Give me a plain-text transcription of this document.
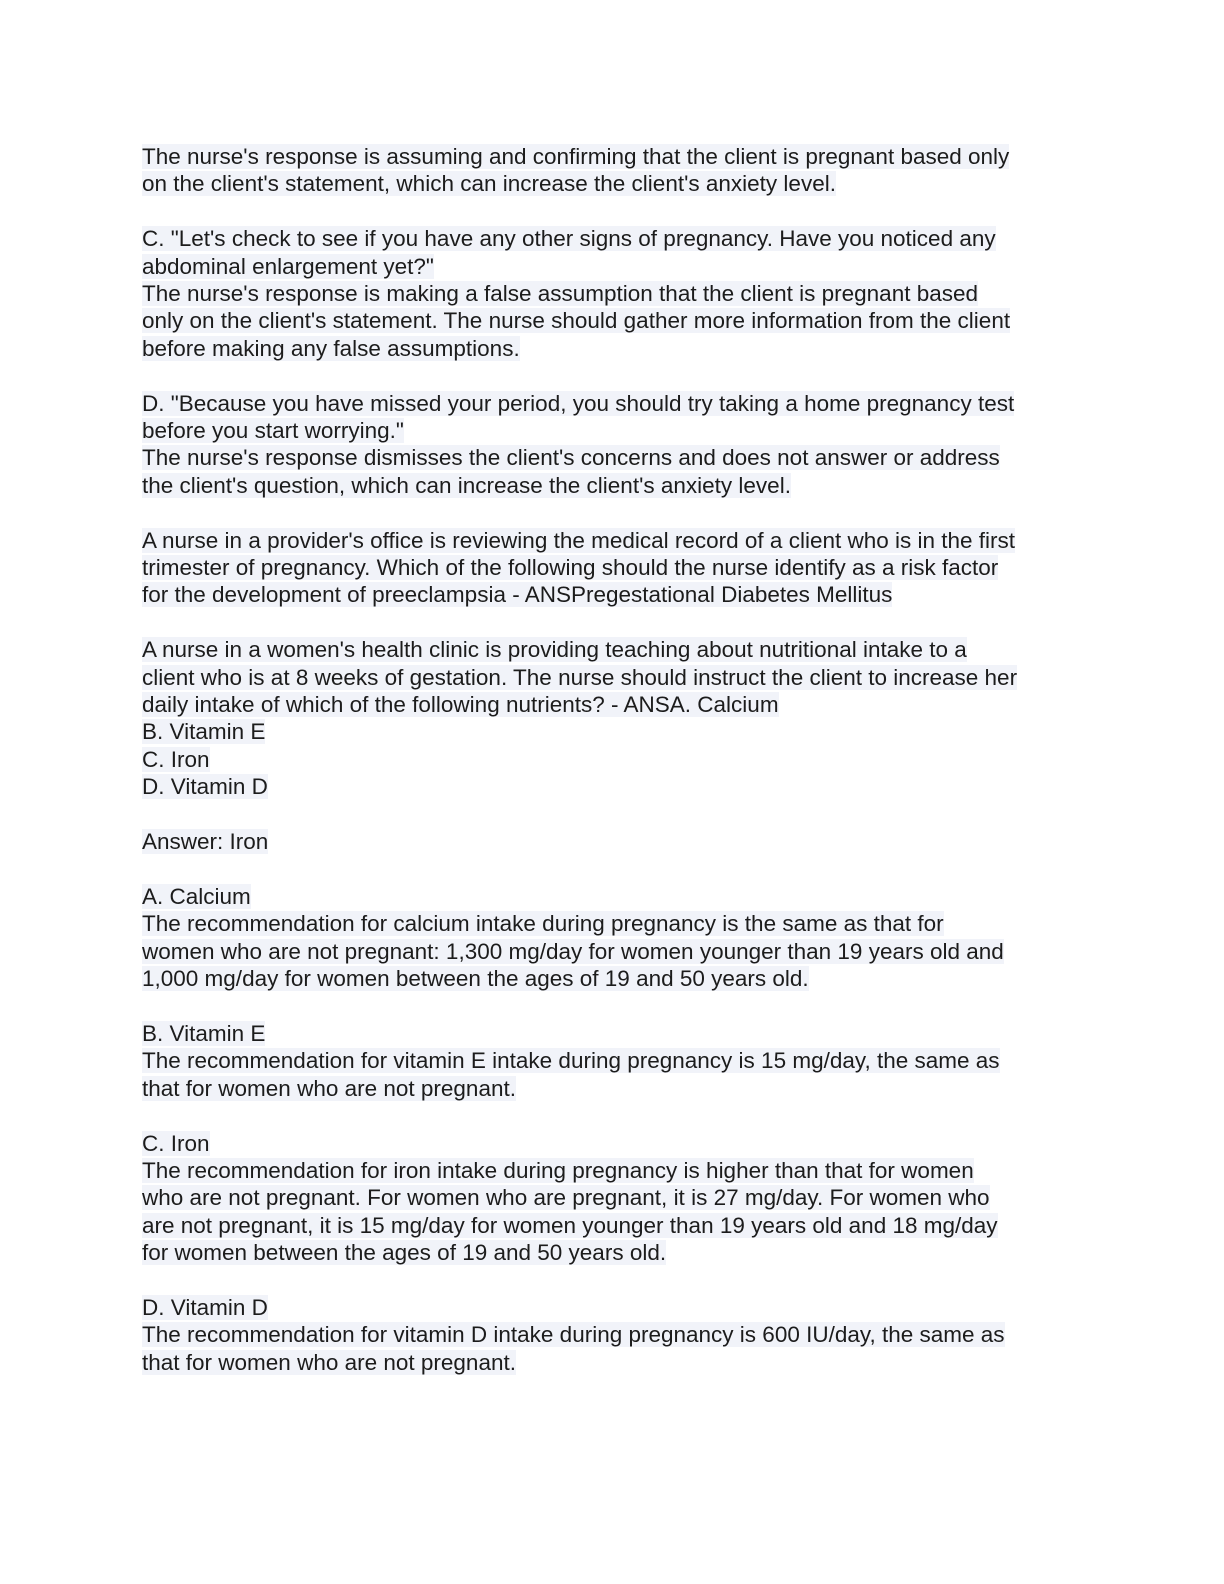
The nurse's response is assuming and confirming that the client is pregnant based only
on the client's statement, which can increase the client's anxiety level.
C. "Let's check to see if you have any other signs of pregnancy. Have you noticed any
abdominal enlargement yet?"
The nurse's response is making a false assumption that the client is pregnant based
only on the client's statement. The nurse should gather more information from the client
before making any false assumptions.
D. "Because you have missed your period, you should try taking a home pregnancy test
before you start worrying."
The nurse's response dismisses the client's concerns and does not answer or address
the client's question, which can increase the client's anxiety level.
A nurse in a provider's office is reviewing the medical record of a client who is in the first
trimester of pregnancy. Which of the following should the nurse identify as a risk factor
for the development of preeclampsia - ANSPregestational Diabetes Mellitus
A nurse in a women's health clinic is providing teaching about nutritional intake to a
client who is at 8 weeks of gestation. The nurse should instruct the client to increase her
daily intake of which of the following nutrients? - ANSA. Calcium
B. Vitamin E
C. Iron
D. Vitamin D
Answer: Iron
A. Calcium
The recommendation for calcium intake during pregnancy is the same as that for
women who are not pregnant: 1,300 mg/day for women younger than 19 years old and
1,000 mg/day for women between the ages of 19 and 50 years old.
B. Vitamin E
The recommendation for vitamin E intake during pregnancy is 15 mg/day, the same as
that for women who are not pregnant.
C. Iron
The recommendation for iron intake during pregnancy is higher than that for women
who are not pregnant. For women who are pregnant, it is 27 mg/day. For women who
are not pregnant, it is 15 mg/day for women younger than 19 years old and 18 mg/day
for women between the ages of 19 and 50 years old.
D. Vitamin D
The recommendation for vitamin D intake during pregnancy is 600 IU/day, the same as
that for women who are not pregnant.
